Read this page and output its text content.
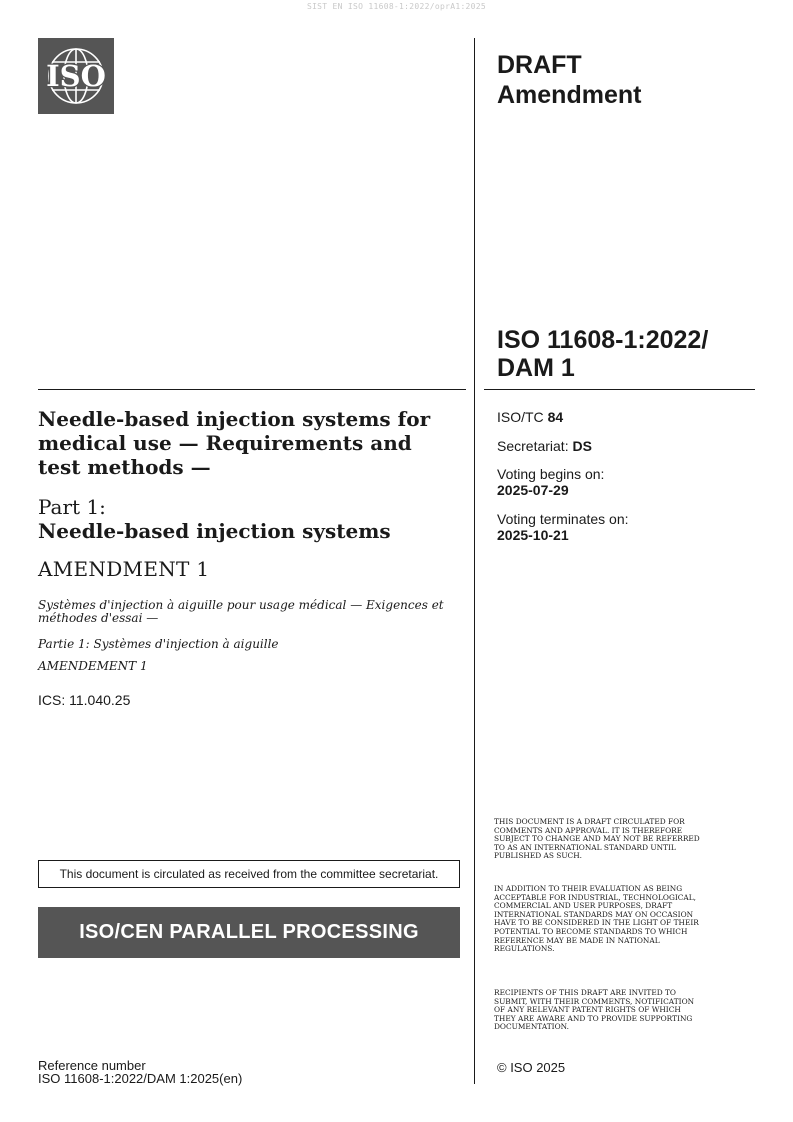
SIST EN ISO 11608-1:2022/oprA1:2025
ISO	DRAFT
Amendment
ISO 11608-1:2022/
DAM 1
ISO/TC 84
Secretariat: DS
Voting begins on:
2025-07-29
Voting terminates on:
2025-10-21
THIS DOCUMENT IS A DRAFT CIRCULATED FOR COMMENTS AND APPROVAL. IT IS THEREFORE SUBJECT TO CHANGE AND MAY NOT BE REFERRED TO AS AN INTERNATIONAL STANDARD UNTIL PUBLISHED AS SUCH.
IN ADDITION TO THEIR EVALUATION AS BEING ACCEPTABLE FOR INDUSTRIAL, TECHNOLOGICAL, COMMERCIAL AND USER PURPOSES, DRAFT INTERNATIONAL STANDARDS MAY ON OCCASION HAVE TO BE CONSIDERED IN THE LIGHT OF THEIR POTENTIAL TO BECOME STANDARDS TO WHICH REFERENCE MAY BE MADE IN NATIONAL REGULATIONS.
RECIPIENTS OF THIS DRAFT ARE INVITED TO SUBMIT, WITH THEIR COMMENTS, NOTIFICATION OF ANY RELEVANT PATENT RIGHTS OF WHICH THEY ARE AWARE AND TO PROVIDE SUPPORTING DOCUMENTATION.
© ISO 2025
Needle-based injection systems for medical use — Requirements and test methods —
Part 1:
Needle-based injection systems
AMENDMENT 1
Systèmes d'injection à aiguille pour usage médical — Exigences et méthodes d'essai —
Partie 1: Systèmes d'injection à aiguille
AMENDEMENT 1
ICS: 11.040.25
This document is circulated as received from the committee secretariat.
ISO/CEN PARALLEL PROCESSING
Reference number
ISO 11608-1:2022/DAM 1:2025(en)
